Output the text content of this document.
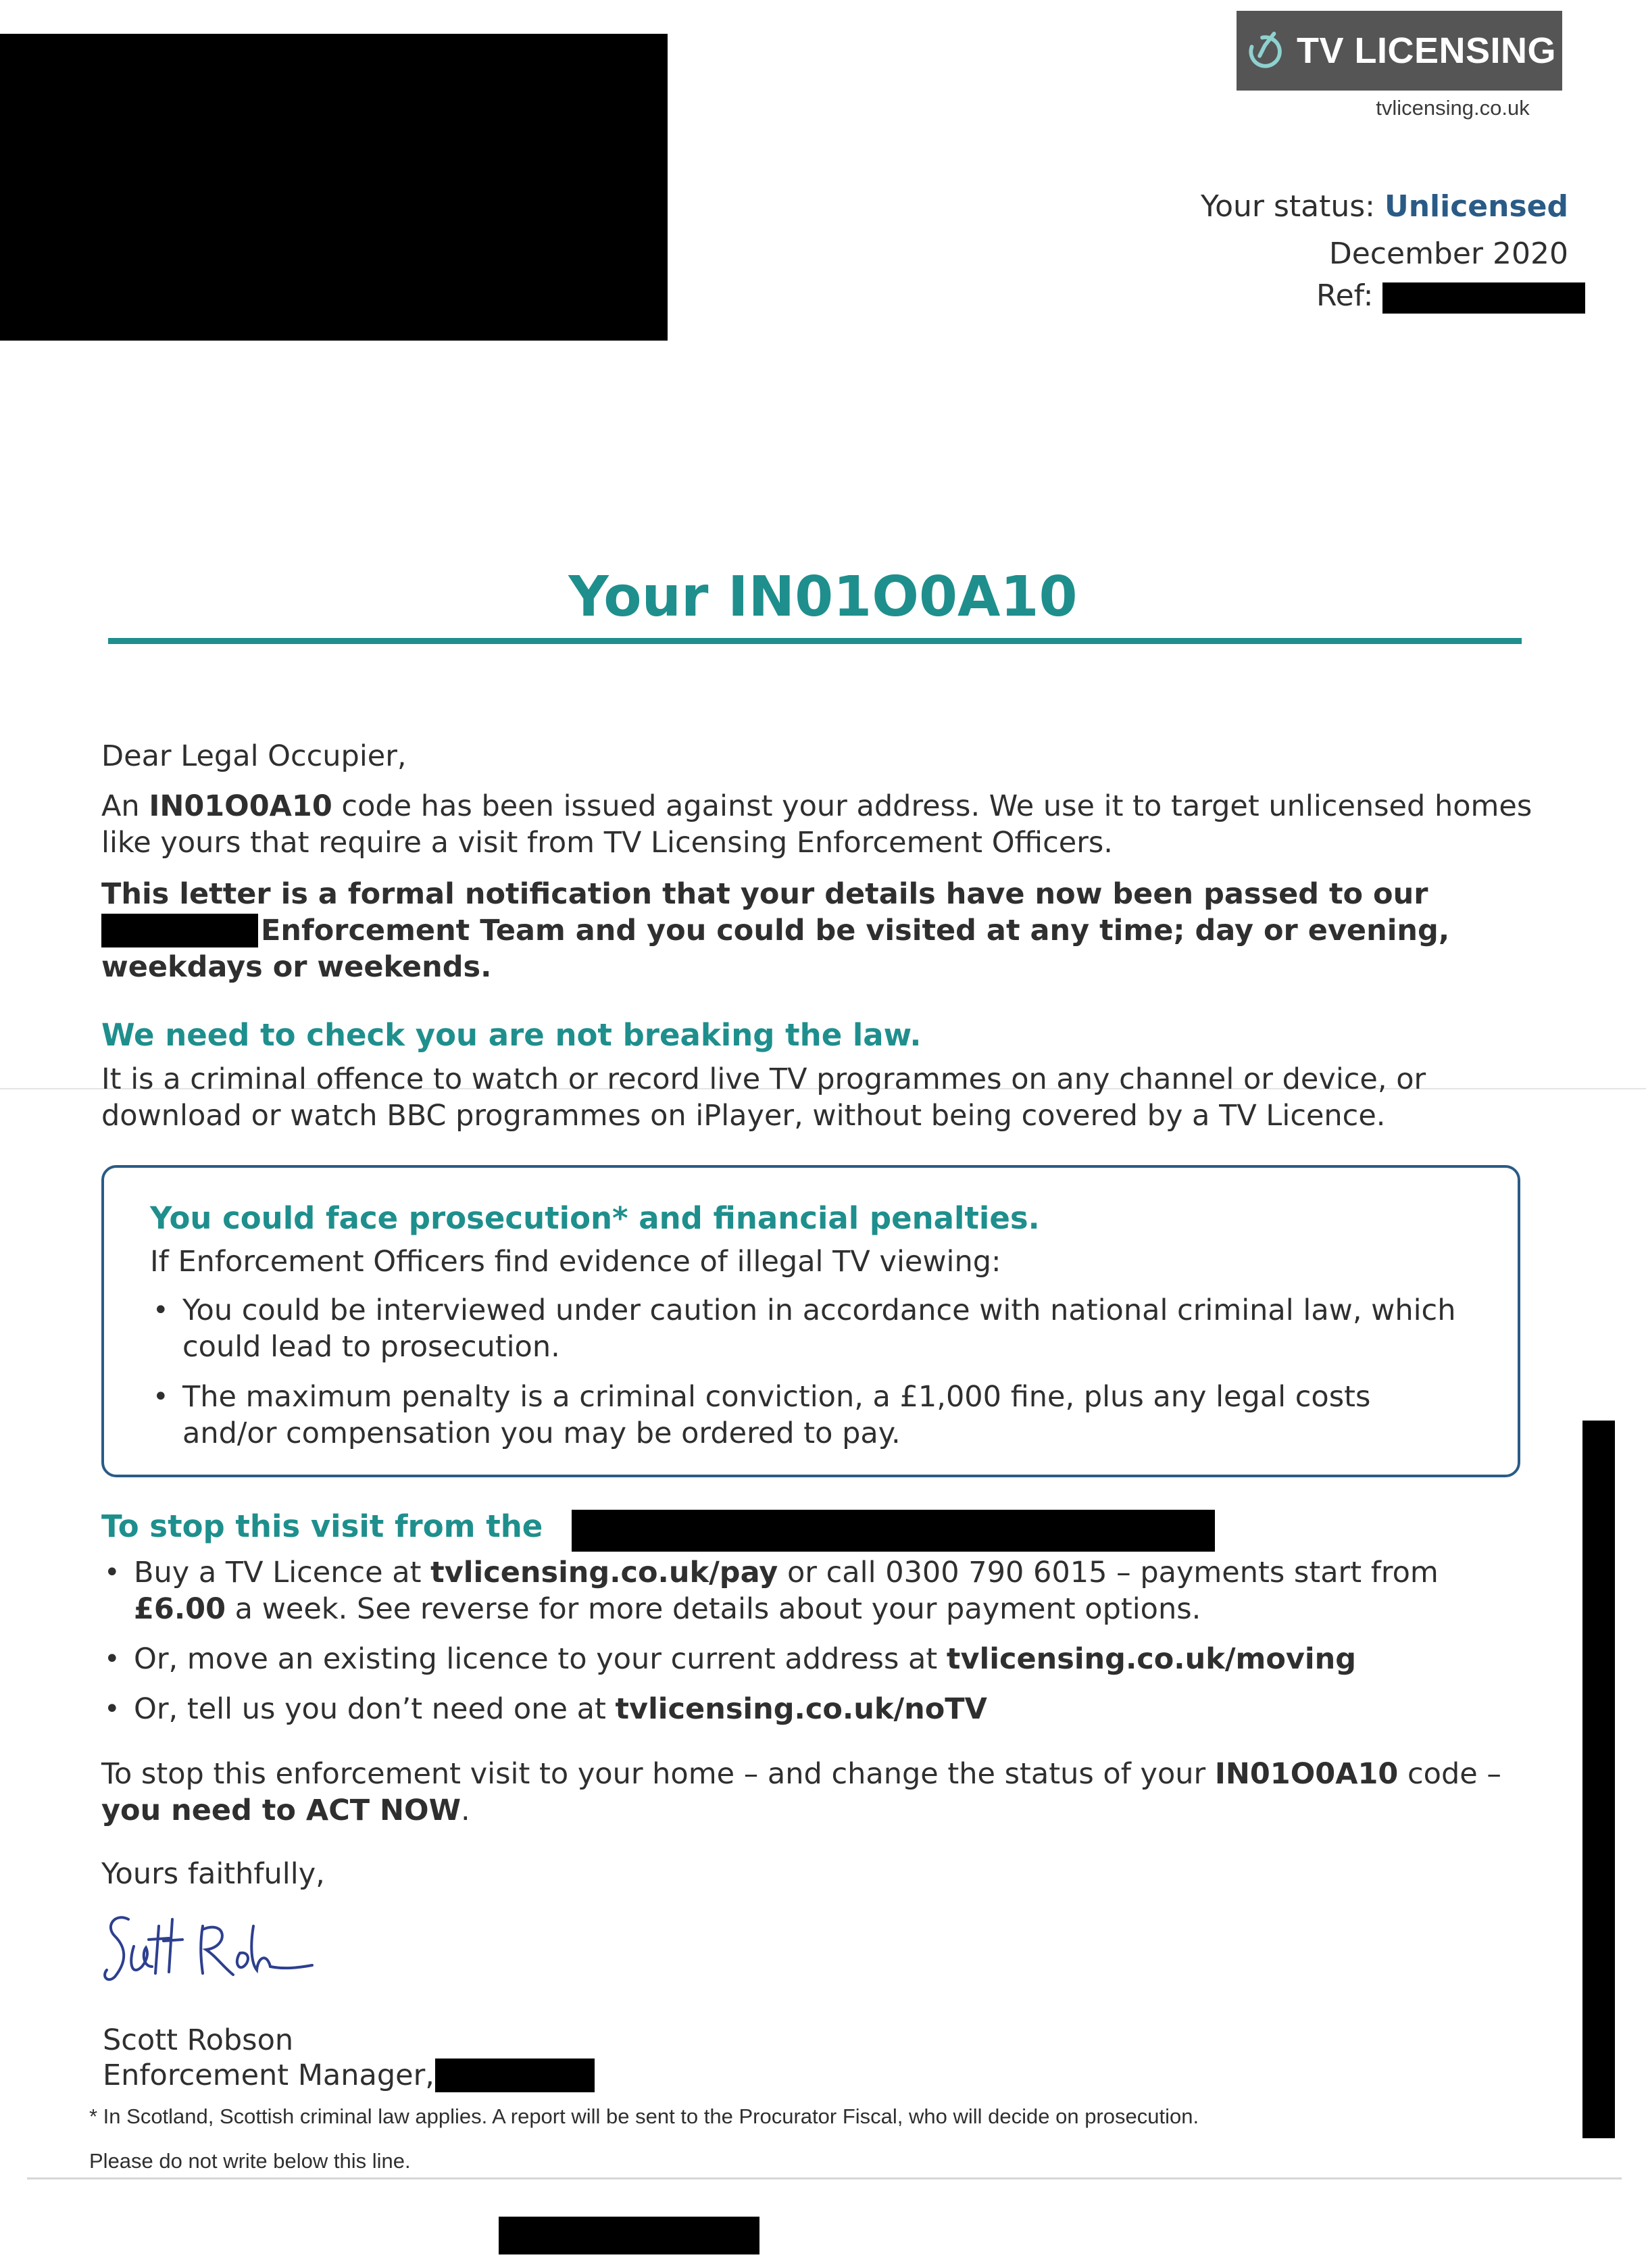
TV LICENSING
tvlicensing.co.uk
Your status: Unlicensed
December 2020
Ref:
Your IN01O0A10
Dear Legal Occupier,
An IN01O0A10 code has been issued against your address. We use it to target unlicensed homes like yours that require a visit from TV Licensing Enforcement Officers.
This letter is a formal notification that your details have now been passed to our
Enforcement Team and you could be visited at any time; day or evening,
weekdays or weekends.
We need to check you are not breaking the law.
It is a criminal offence to watch or record live TV programmes on any channel or device, or download or watch BBC programmes on iPlayer, without being covered by a TV Licence.
You could face prosecution* and financial penalties.
If Enforcement Officers find evidence of illegal TV viewing:
• You could be interviewed under caution in accordance with national criminal law, which could lead to prosecution.
• The maximum penalty is a criminal conviction, a £1,000 fine, plus any legal costs and/or compensation you may be ordered to pay.
To stop this visit from the
• Buy a TV Licence at tvlicensing.co.uk/pay or call 0300 790 6015 – payments start from £6.00 a week. See reverse for more details about your payment options.
• Or, move an existing licence to your current address at tvlicensing.co.uk/moving
• Or, tell us you don’t need one at tvlicensing.co.uk/noTV
To stop this enforcement visit to your home – and change the status of your IN01O0A10 code – you need to ACT NOW.
Yours faithfully,
Scott Robson
Enforcement Manager,
* In Scotland, Scottish criminal law applies. A report will be sent to the Procurator Fiscal, who will decide on prosecution.
Please do not write below this line.
